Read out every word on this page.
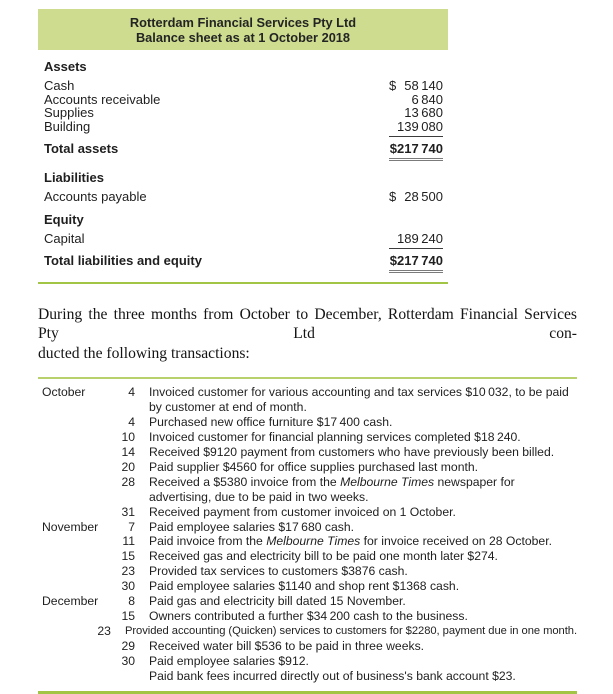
Rotterdam Financial Services Pty Ltd
Balance sheet as at 1 October 2018
Assets
Cash	$ 58 140
Accounts receivable	6 840
Supplies	13 680
Building	139 080
Total assets	$217 740
Liabilities
Accounts payable	$ 28 500
Equity
Capital	189 240
Total liabilities and equity	$217 740
During the three months from October to December, Rotterdam Financial Services Pty Ltd con-
ducted the following transactions:
October	4 Invoiced customer for various accounting and tax services $10 032, to be paid by customer at end of month.
4 Purchased new office furniture $17 400 cash.
10 Invoiced customer for financial planning services completed $18 240.
14 Received $9120 payment from customers who have previously been billed.
20 Paid supplier $4560 for office supplies purchased last month.
28 Received a $5380 invoice from the Melbourne Times newspaper for advertising, due to be paid in two weeks.
31 Received payment from customer invoiced on 1 October.
November	7 Paid employee salaries $17 680 cash.
11 Paid invoice from the Melbourne Times for invoice received on 28 October.
15 Received gas and electricity bill to be paid one month later $274.
23 Provided tax services to customers $3876 cash.
30 Paid employee salaries $1140 and shop rent $1368 cash.
December	8 Paid gas and electricity bill dated 15 November.
15 Owners contributed a further $34 200 cash to the business.
23 Provided accounting (Quicken) services to customers for $2280, payment due in one month.
29 Received water bill $536 to be paid in three weeks.
30 Paid employee salaries $912.
Paid bank fees incurred directly out of business's bank account $23.
